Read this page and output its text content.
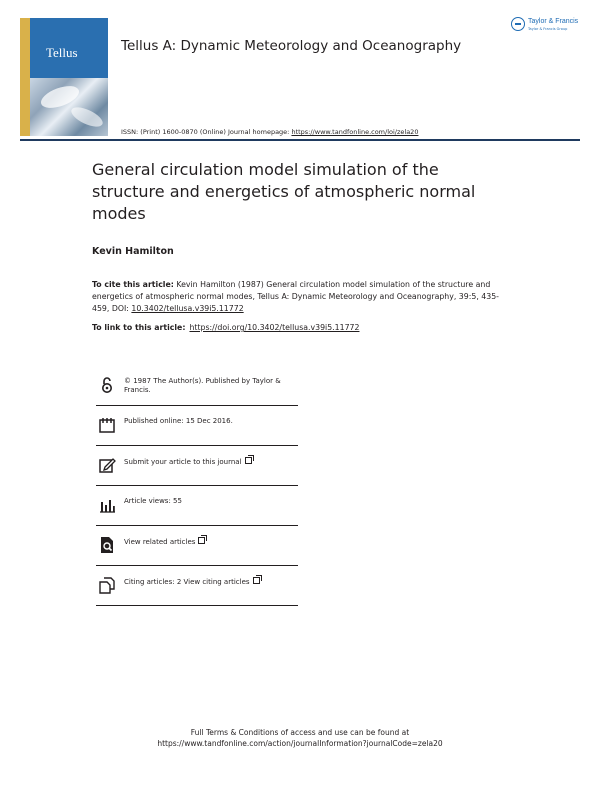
Tellus	Tellus A: Dynamic Meteorology and Oceanography
Taylor & Francis
Taylor & Francis Group
ISSN: (Print) 1600-0870 (Online) Journal homepage: https://www.tandfonline.com/loi/zela20
General circulation model simulation of the structure and energetics of atmospheric normal modes
Kevin Hamilton
To cite this article: Kevin Hamilton (1987) General circulation model simulation of the structure and energetics of atmospheric normal modes, Tellus A: Dynamic Meteorology and Oceanography, 39:5, 435-459, DOI: 10.3402/tellusa.v39i5.11772
To link to this article: https://doi.org/10.3402/tellusa.v39i5.11772
© 1987 The Author(s). Published by Taylor & Francis.
Published online: 15 Dec 2016.
Submit your article to this journal
Article views: 55
View related articles
Citing articles: 2 View citing articles
Full Terms & Conditions of access and use can be found at
https://www.tandfonline.com/action/journalInformation?journalCode=zela20
